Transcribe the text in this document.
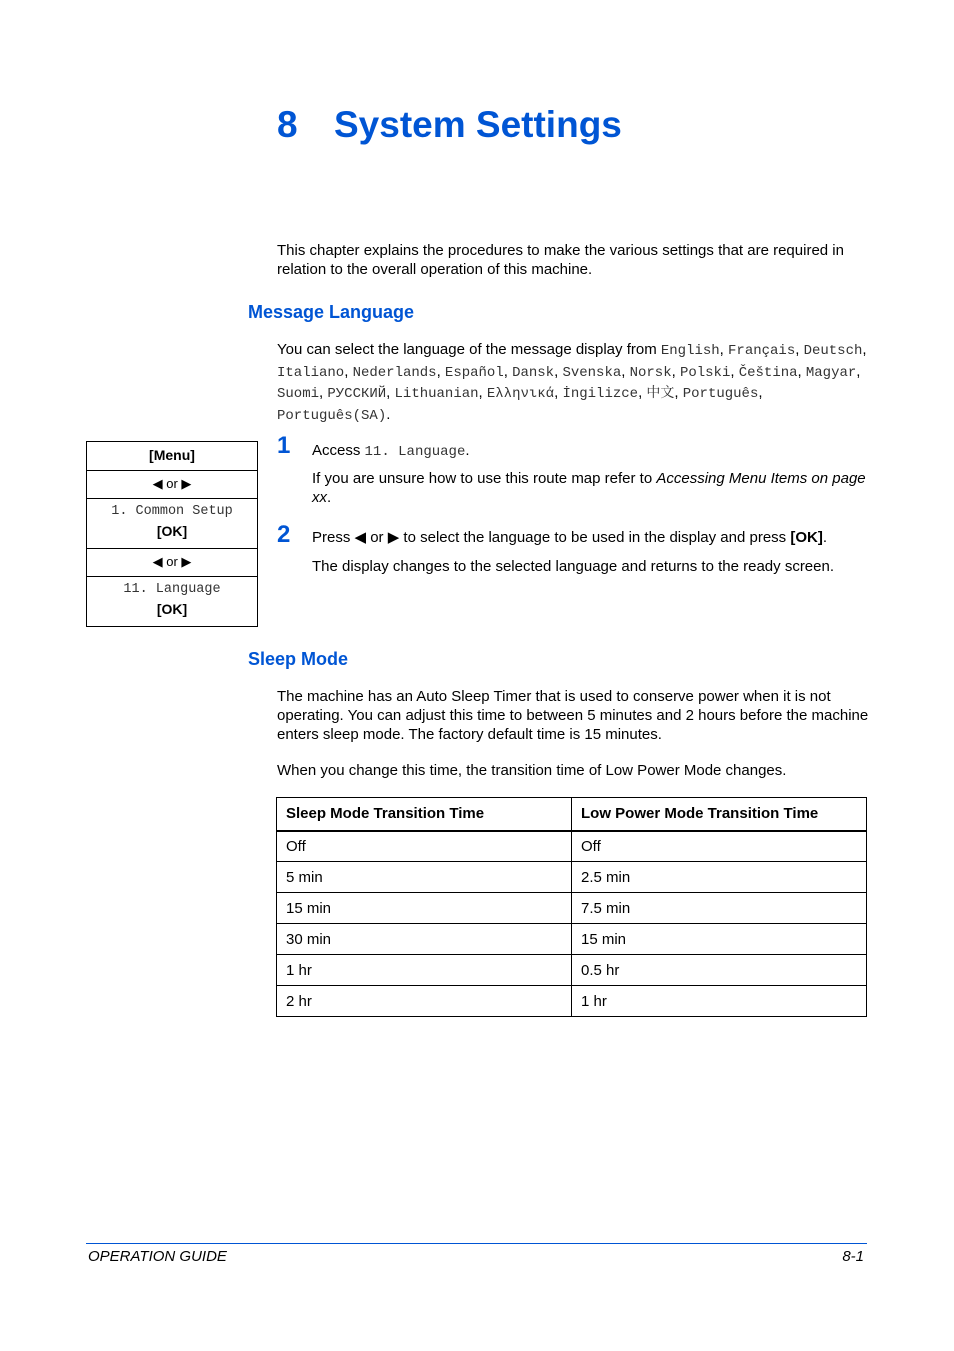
8 System Settings
This chapter explains the procedures to make the various settings that are required in relation to the overall operation of this machine.
Message Language
You can select the language of the message display from English, Français, Deutsch, Italiano, Nederlands, Español, Dansk, Svenska, Norsk, Polski, Čeština, Magyar, Suomi, РУССКИЙ, Lithuanian, Ελληνικά, İngilizce, 中文, Português, Português(SA).
[Menu]
◀ or ▶
1. Common Setup
[OK]
◀ or ▶
11. Language
[OK]
1 Access 11. Language.
If you are unsure how to use this route map refer to Accessing Menu Items on page xx.
2 Press ◀ or ▶ to select the language to be used in the display and press [OK].
The display changes to the selected language and returns to the ready screen.
Sleep Mode
The machine has an Auto Sleep Timer that is used to conserve power when it is not operating. You can adjust this time to between 5 minutes and 2 hours before the machine enters sleep mode. The factory default time is 15 minutes.
When you change this time, the transition time of Low Power Mode changes.
Sleep Mode Transition Time	Low Power Mode Transition Time
Off	Off
5 min	2.5 min
15 min	7.5 min
30 min	15 min
1 hr	0.5 hr
2 hr	1 hr
OPERATION GUIDE	8-1
